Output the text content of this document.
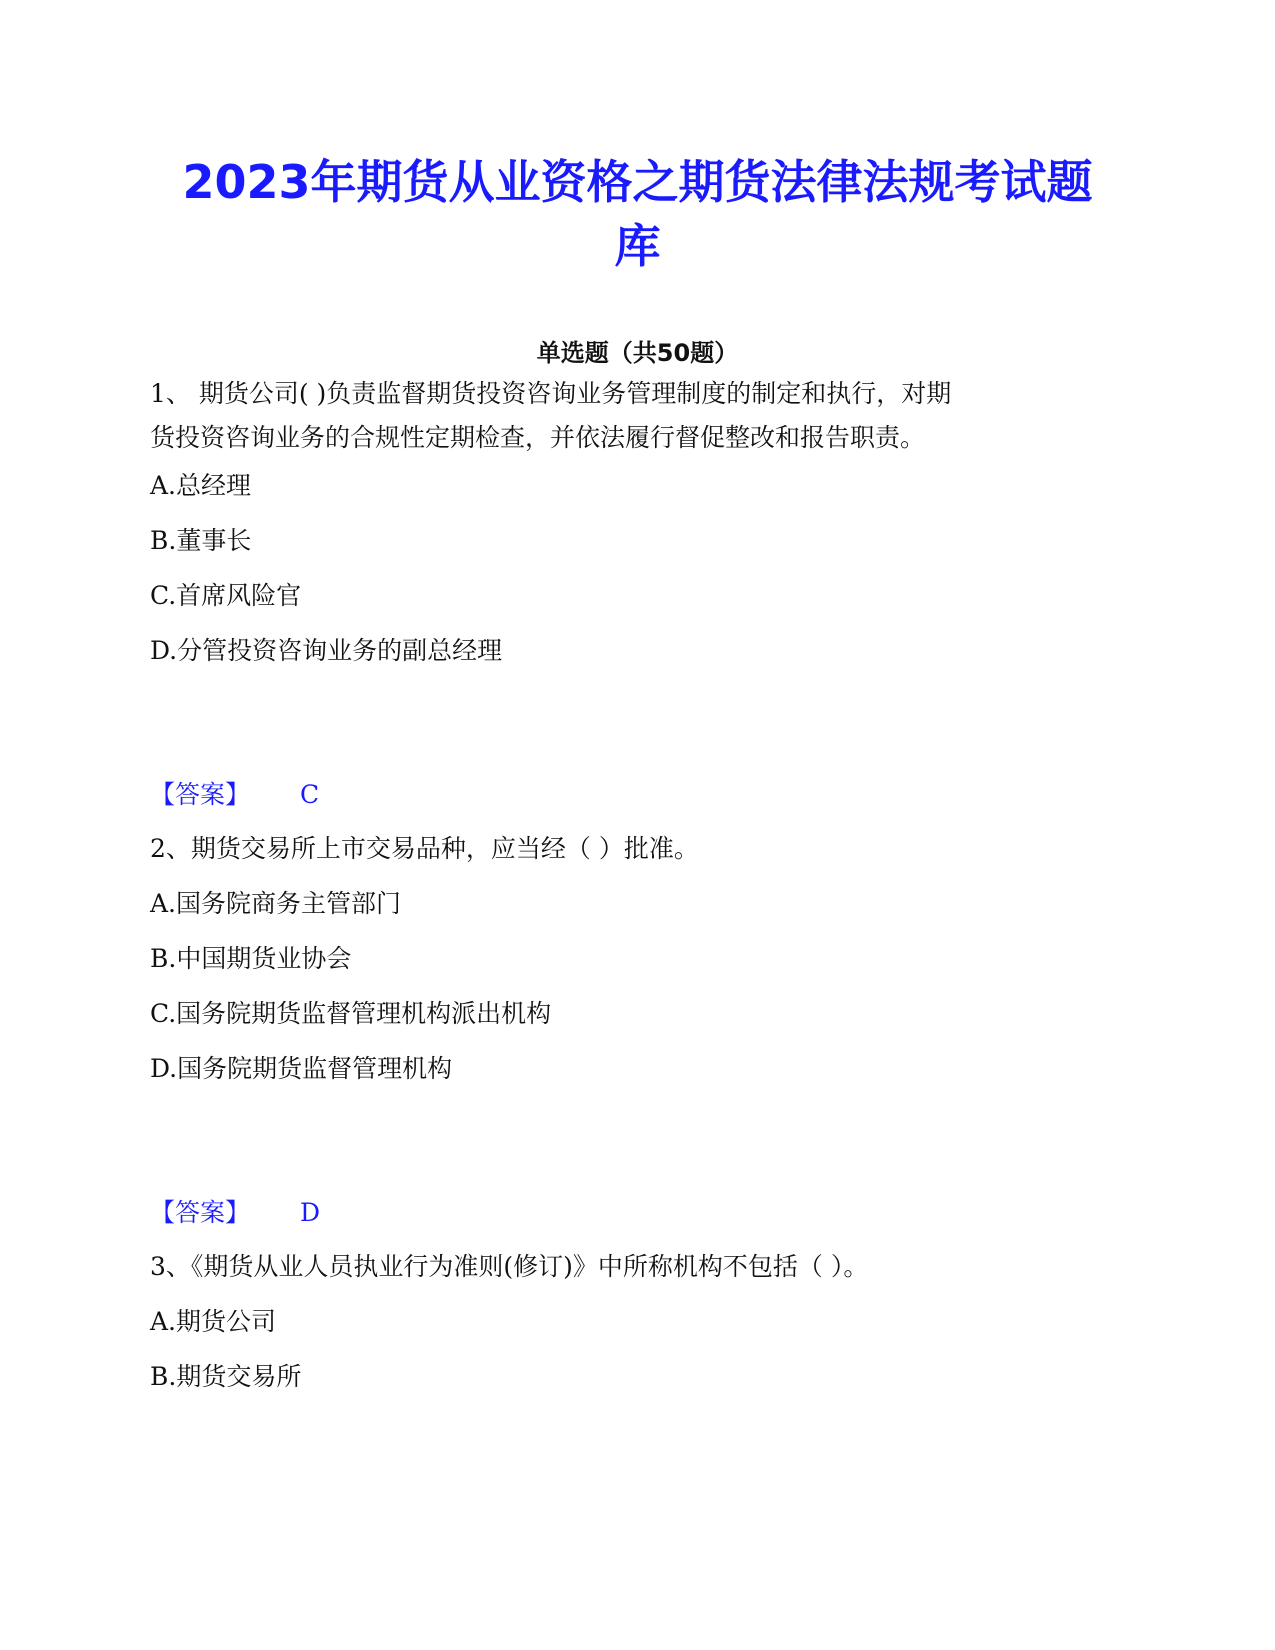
2023年期货从业资格之期货法律法规考试题
库
单选题（共50题）
1、 期货公司( )负责监督期货投资咨询业务管理制度的制定和执行，对期
货投资咨询业务的合规性定期检查，并依法履行督促整改和报告职责。
A.总经理
B.董事长
C.首席风险官
D.分管投资咨询业务的副总经理
【答案】 C
2、期货交易所上市交易品种，应当经（ ）批准。
A.国务院商务主管部门
B.中国期货业协会
C.国务院期货监督管理机构派出机构
D.国务院期货监督管理机构
【答案】 D
3、《期货从业人员执业行为准则(修订)》中所称机构不包括（ ）。
A.期货公司
B.期货交易所
